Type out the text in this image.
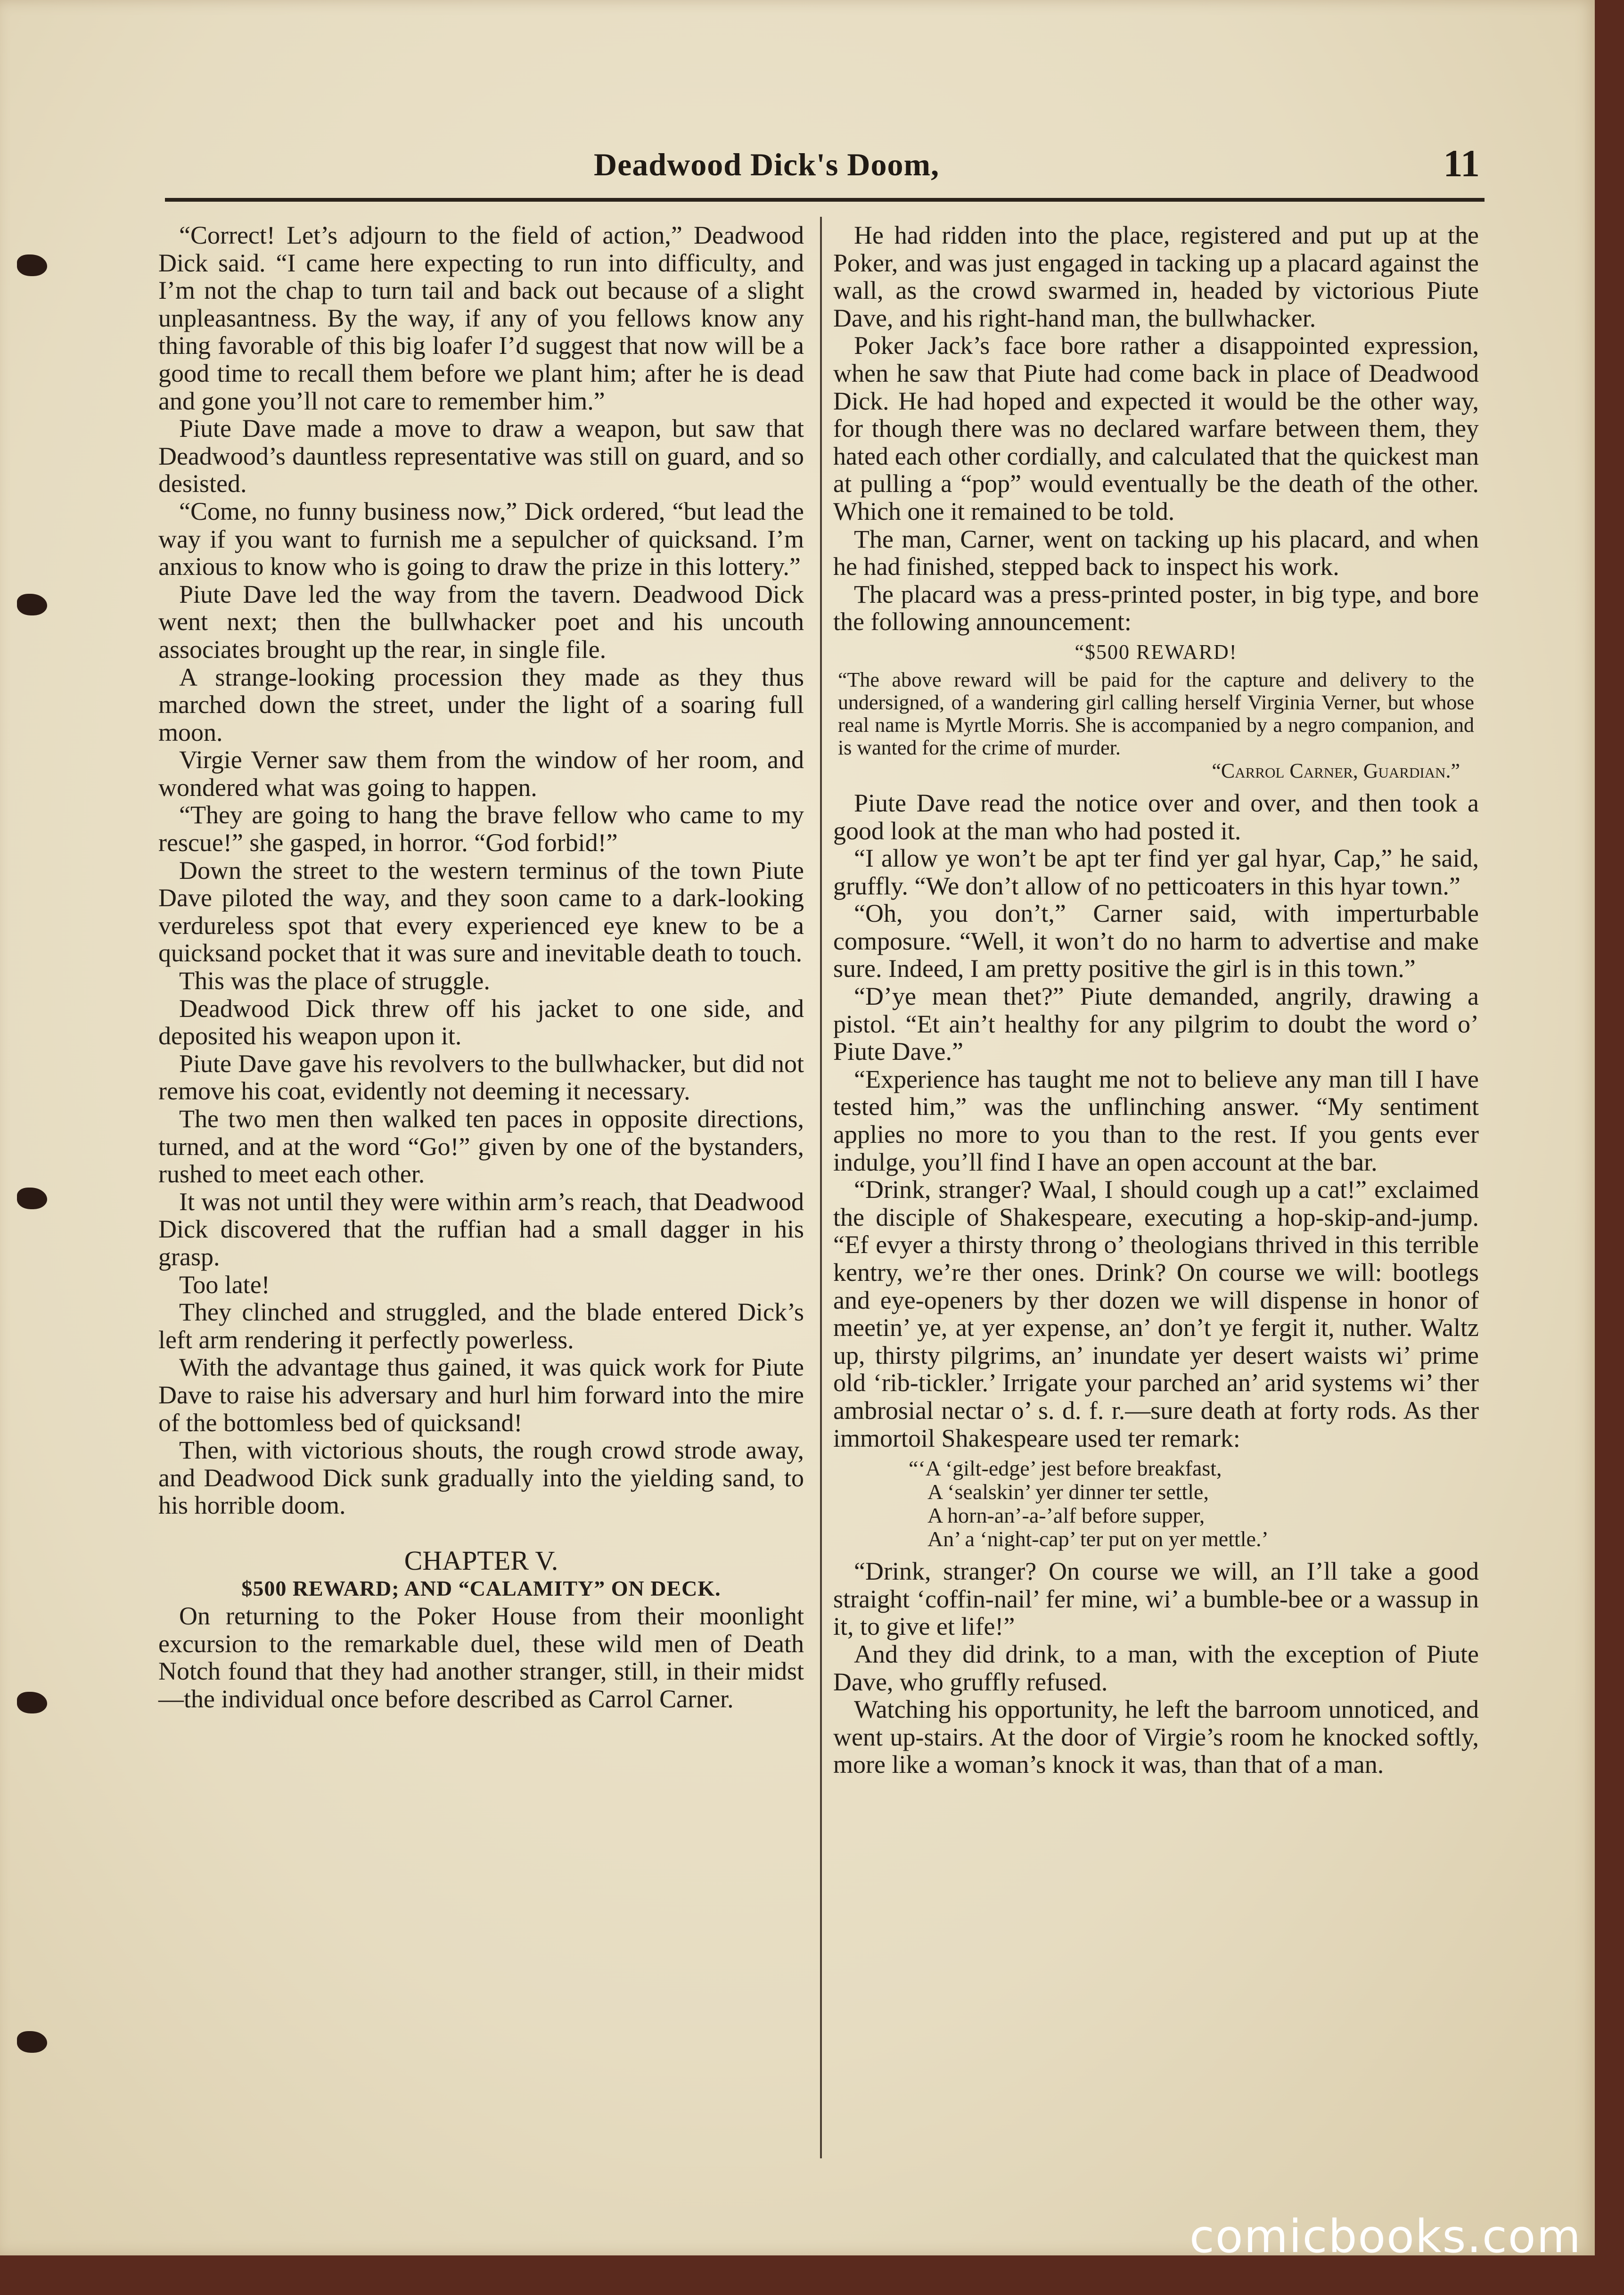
Deadwood Dick's Doom,	11

“Correct! Let’s adjourn to the field of action,” Deadwood Dick said. “I came here expecting to run into difficulty, and I’m not the chap to turn tail and back out because of a slight unpleasantness. By the way, if any of you fellows know any thing favorable of this big loafer I’d suggest that now will be a good time to recall them before we plant him; after he is dead and gone you’ll not care to remember him.”

Piute Dave made a move to draw a weapon, but saw that Deadwood’s dauntless representative was still on guard, and so desisted.

“Come, no funny business now,” Dick ordered, “but lead the way if you want to furnish me a sepulcher of quicksand. I’m anxious to know who is going to draw the prize in this lottery.”

Piute Dave led the way from the tavern. Deadwood Dick went next; then the bullwhacker poet and his uncouth associates brought up the rear, in single file.

A strange-looking procession they made as they thus marched down the street, under the light of a soaring full moon.

Virgie Verner saw them from the window of her room, and wondered what was going to happen.

“They are going to hang the brave fellow who came to my rescue!” she gasped, in horror. “God forbid!”

Down the street to the western terminus of the town Piute Dave piloted the way, and they soon came to a dark-looking verdureless spot that every experienced eye knew to be a quicksand pocket that it was sure and inevitable death to touch.

This was the place of struggle.

Deadwood Dick threw off his jacket to one side, and deposited his weapon upon it.

Piute Dave gave his revolvers to the bullwhacker, but did not remove his coat, evidently not deeming it necessary.

The two men then walked ten paces in opposite directions, turned, and at the word “Go!” given by one of the bystanders, rushed to meet each other.

It was not until they were within arm’s reach, that Deadwood Dick discovered that the ruffian had a small dagger in his grasp.

Too late!

They clinched and struggled, and the blade entered Dick’s left arm rendering it perfectly powerless.

With the advantage thus gained, it was quick work for Piute Dave to raise his adversary and hurl him forward into the mire of the bottomless bed of quicksand!

Then, with victorious shouts, the rough crowd strode away, and Deadwood Dick sunk gradually into the yielding sand, to his horrible doom.

CHAPTER V.
$500 REWARD; AND “CALAMITY” ON DECK.

On returning to the Poker House from their moonlight excursion to the remarkable duel, these wild men of Death Notch found that they had another stranger, still, in their midst—the individual once before described as Carrol Carner.

He had ridden into the place, registered and put up at the Poker, and was just engaged in tacking up a placard against the wall, as the crowd swarmed in, headed by victorious Piute Dave, and his right-hand man, the bullwhacker.

Poker Jack’s face bore rather a disappointed expression, when he saw that Piute had come back in place of Deadwood Dick. He had hoped and expected it would be the other way, for though there was no declared warfare between them, they hated each other cordially, and calculated that the quickest man at pulling a “pop” would eventually be the death of the other. Which one it remained to be told.

The man, Carner, went on tacking up his placard, and when he had finished, stepped back to inspect his work.

The placard was a press-printed poster, in big type, and bore the following announcement:

“$500 REWARD!
“The above reward will be paid for the capture and delivery to the undersigned, of a wandering girl calling herself Virginia Verner, but whose real name is Myrtle Morris. She is accompanied by a negro companion, and is wanted for the crime of murder.
“Carrol Carner, Guardian.”

Piute Dave read the notice over and over, and then took a good look at the man who had posted it.

“I allow ye won’t be apt ter find yer gal hyar, Cap,” he said, gruffly. “We don’t allow of no petticoaters in this hyar town.”

“Oh, you don’t,” Carner said, with imperturbable composure. “Well, it won’t do no harm to advertise and make sure. Indeed, I am pretty positive the girl is in this town.”

“D’ye mean thet?” Piute demanded, angrily, drawing a pistol. “Et ain’t healthy for any pilgrim to doubt the word o’ Piute Dave.”

“Experience has taught me not to believe any man till I have tested him,” was the unflinching answer. “My sentiment applies no more to you than to the rest. If you gents ever indulge, you’ll find I have an open account at the bar.

“Drink, stranger? Waal, I should cough up a cat!” exclaimed the disciple of Shakespeare, executing a hop-skip-and-jump. “Ef evyer a thirsty throng o’ theologians thrived in this terrible kentry, we’re ther ones. Drink? On course we will: bootlegs and eye-openers by ther dozen we will dispense in honor of meetin’ ye, at yer expense, an’ don’t ye fergit it, nuther. Waltz up, thirsty pilgrims, an’ inundate yer desert waists wi’ prime old ‘rib-tickler.’ Irrigate your parched an’ arid systems wi’ ther ambrosial nectar o’ s. d. f. r.—sure death at forty rods. As ther immortoil Shakespeare used ter remark:

“‘A ‘gilt-edge’ jest before breakfast,
A ‘sealskin’ yer dinner ter settle,
A horn-an’-a-’alf before supper,
An’ a ‘night-cap’ ter put on yer mettle.’

“Drink, stranger? On course we will, an I’ll take a good straight ‘coffin-nail’ fer mine, wi’ a bumble-bee or a wassup in it, to give et life!”

And they did drink, to a man, with the exception of Piute Dave, who gruffly refused.

Watching his opportunity, he left the barroom unnoticed, and went up-stairs. At the door of Virgie’s room he knocked softly, more like a woman’s knock it was, than that of a man.

comicbooks.com
